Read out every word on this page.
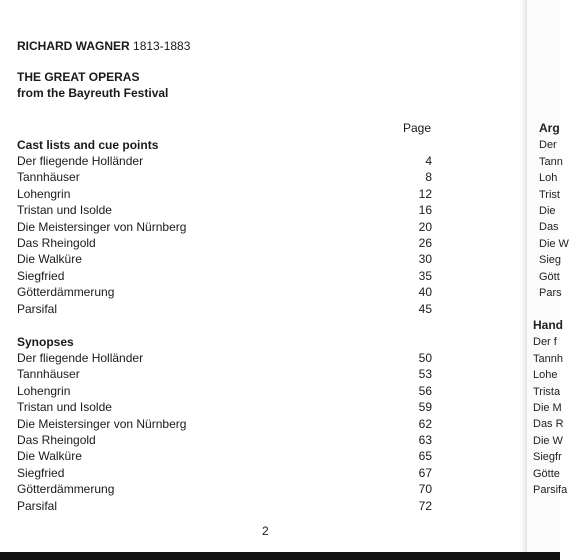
RICHARD WAGNER 1813-1883
THE GREAT OPERAS
from the Bayreuth Festival
Page
Cast lists and cue points
Der fliegende Holländer	4
Tannhäuser	8
Lohengrin	12
Tristan und Isolde	16
Die Meistersinger von Nürnberg	20
Das Rheingold	26
Die Walküre	30
Siegfried	35
Götterdämmerung	40
Parsifal	45
Synopses
Der fliegende Holländer	50
Tannhäuser	53
Lohengrin	56
Tristan und Isolde	59
Die Meistersinger von Nürnberg	62
Das Rheingold	63
Die Walküre	65
Siegfried	67
Götterdämmerung	70
Parsifal	72
2
Arg
Der
Tann
Loh
Trist
Die
Das
Die W
Sieg
Gött
Pars
Hand
Der f
Tannh
Lohe
Trista
Die M
Das R
Die W
Siegfr
Götte
Parsifa
